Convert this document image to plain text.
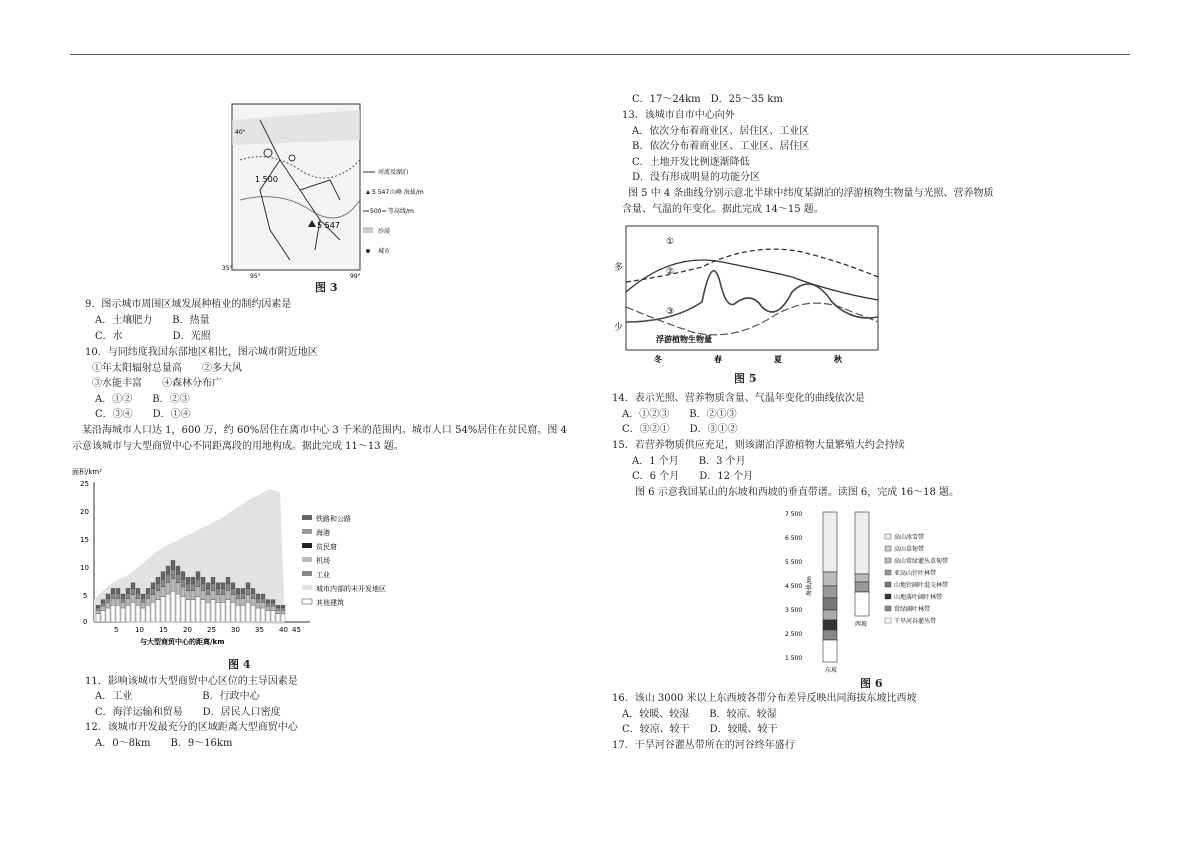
40°
35°
95°	99°
1 500
5 547
河流及湖泊
5 547 山峰 海拔/m
500 等高线/m
沙漠
城市
图 3
9．图示城市周围区域发展种植业的制约因素是
A．土壤肥力　　B．热量
C．水　　　　　D．光照
10．与同纬度我国东部地区相比，图示城市附近地区
①年太阳辐射总量高　　②多大风
③水能丰富　　④森林分布广
A．①②　　B．②③
C．③④　　D．①④
　某沿海城市人口达 1，600 万，约 60%居住在离市中心 3 千米的范围内。城市人口 54%居住在贫民窟。图 4
示意该城市与大型商贸中心不同距离段的用地构成。据此完成 11～13 题。
面积/km²
25
20
15
10
5
0
5 10 15 20 25 30 35 40 45
与大型商贸中心的距离/km
铁路和公路
海港
贫民窟
机场
工业
城市内部的未开发地区
其他建筑
图 4
11．影响该城市大型商贸中心区位的主导因素是
A．工业　　　　　　　B．行政中心
C．海洋运输和贸易　　D．居民人口密度
12．该城市开发最充分的区域距离大型商贸中心
A．0～8km　　B．9～16km
C．17～24km　D．25～35 km
13．该城市自市中心向外
A．依次分布着商业区、居住区、工业区
B．依次分布着商业区、工业区、居住区
C．土地开发比例逐渐降低
D．没有形成明显的功能分区
　图 5 中 4 条曲线分别示意北半球中纬度某湖泊的浮游植物生物量与光照、营养物质
含量、气温的年变化。据此完成 14～15 题。
多
少
①
②
③
浮游植物生物量
冬	春	夏	秋
图 5
14．表示光照、营养物质含量、气温年变化的曲线依次是
A．①②③　　B．②①③
C．③②①　　D．③①②
15．若营养物质供应充足，则该湖泊浮游植物大量繁殖大约会持续
A．1 个月　　B．3 个月
C．6 个月　　D．12 个月
　图 6 示意我国某山的东坡和西坡的垂直带谱。读图 6，完成 16～18 题。
7 500
6 500
5 500
4 500
3 500
2 500
1 500
海拔/m
东坡
西坡
高山冰雪带
高山草甸带
高山常绿灌丛草甸带
亚高山针叶林带
山地针阔叶混交林带
山地落叶阔叶林带
常绿阔叶林带
干旱河谷灌丛带
图 6
16．该山 3000 米以上东西坡各带分布差异反映出同海拔东坡比西坡
A．较暖、较湿　　B．较凉、较湿
C．较凉、较干　　D．较暖、较干
17．干旱河谷灌丛带所在的河谷终年盛行
